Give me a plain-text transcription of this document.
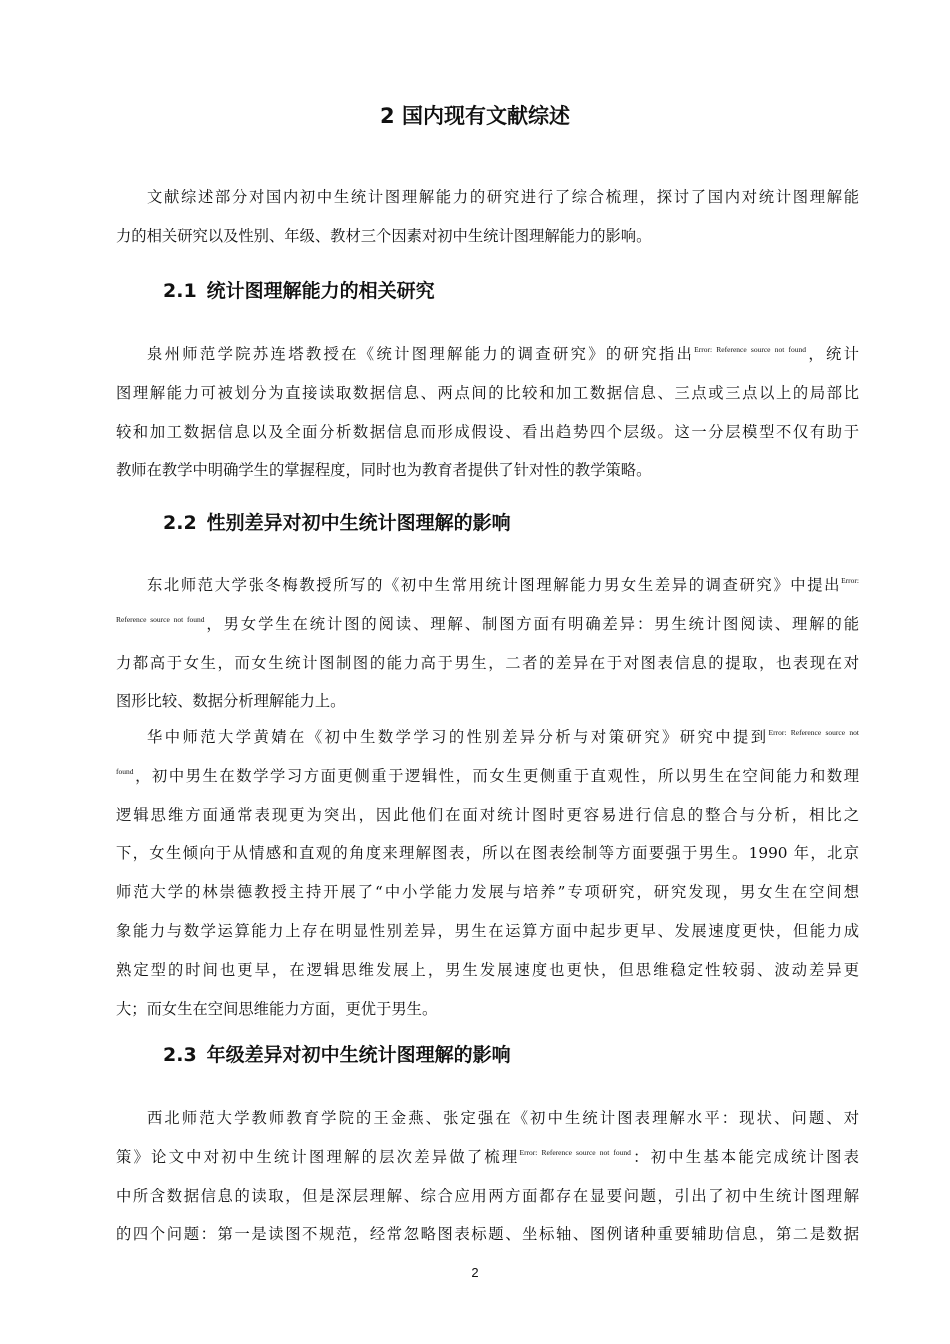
2 国内现有文献综述
文献综述部分对国内初中生统计图理解能力的研究进行了综合梳理，探讨了国内对统计图理解能
力的相关研究以及性别、年级、教材三个因素对初中生统计图理解能力的影响。
2.1 统计图理解能力的相关研究
泉州师范学院苏连塔教授在《统计图理解能力的调查研究》的研究指出$^{Error: Reference source not found}$，统计
图理解能力可被划分为直接读取数据信息、两点间的比较和加工数据信息、三点或三点以上的局部比
较和加工数据信息以及全面分析数据信息而形成假设、看出趋势四个层级。这一分层模型不仅有助于
教师在教学中明确学生的掌握程度，同时也为教育者提供了针对性的教学策略。
2.2 性别差异对初中生统计图理解的影响
东北师范大学张冬梅教授所写的《初中生常用统计图理解能力男女生差异的调查研究》中提出$^{Error:}$
$^{Reference source not found}$，男女学生在统计图的阅读、理解、制图方面有明确差异：男生统计图阅读、理解的能
力都高于女生，而女生统计图制图的能力高于男生，二者的差异在于对图表信息的提取，也表现在对
图形比较、数据分析理解能力上。
华中师范大学黄婧在《初中生数学学习的性别差异分析与对策研究》研究中提到$^{Error: Reference source not}$
$^{found}$，初中男生在数学学习方面更侧重于逻辑性，而女生更侧重于直观性，所以男生在空间能力和数理
逻辑思维方面通常表现更为突出，因此他们在面对统计图时更容易进行信息的整合与分析，相比之
下，女生倾向于从情感和直观的角度来理解图表，所以在图表绘制等方面要强于男生。1990 年，北京
师范大学的林崇德教授主持开展了“中小学能力发展与培养”专项研究，研究发现，男女生在空间想
象能力与数学运算能力上存在明显性别差异，男生在运算方面中起步更早、发展速度更快，但能力成
熟定型的时间也更早，在逻辑思维发展上，男生发展速度也更快，但思维稳定性较弱、波动差异更
大；而女生在空间思维能力方面，更优于男生。
2.3 年级差异对初中生统计图理解的影响
西北师范大学教师教育学院的王金燕、张定强在《初中生统计图表理解水平：现状、问题、对
策》论文中对初中生统计图理解的层次差异做了梳理$^{Error: Reference source not found}$：初中生基本能完成统计图表
中所含数据信息的读取，但是深层理解、综合应用两方面都存在显要问题，引出了初中生统计图理解
的四个问题：第一是读图不规范，经常忽略图表标题、坐标轴、图例诸种重要辅助信息，第二是数据
2
